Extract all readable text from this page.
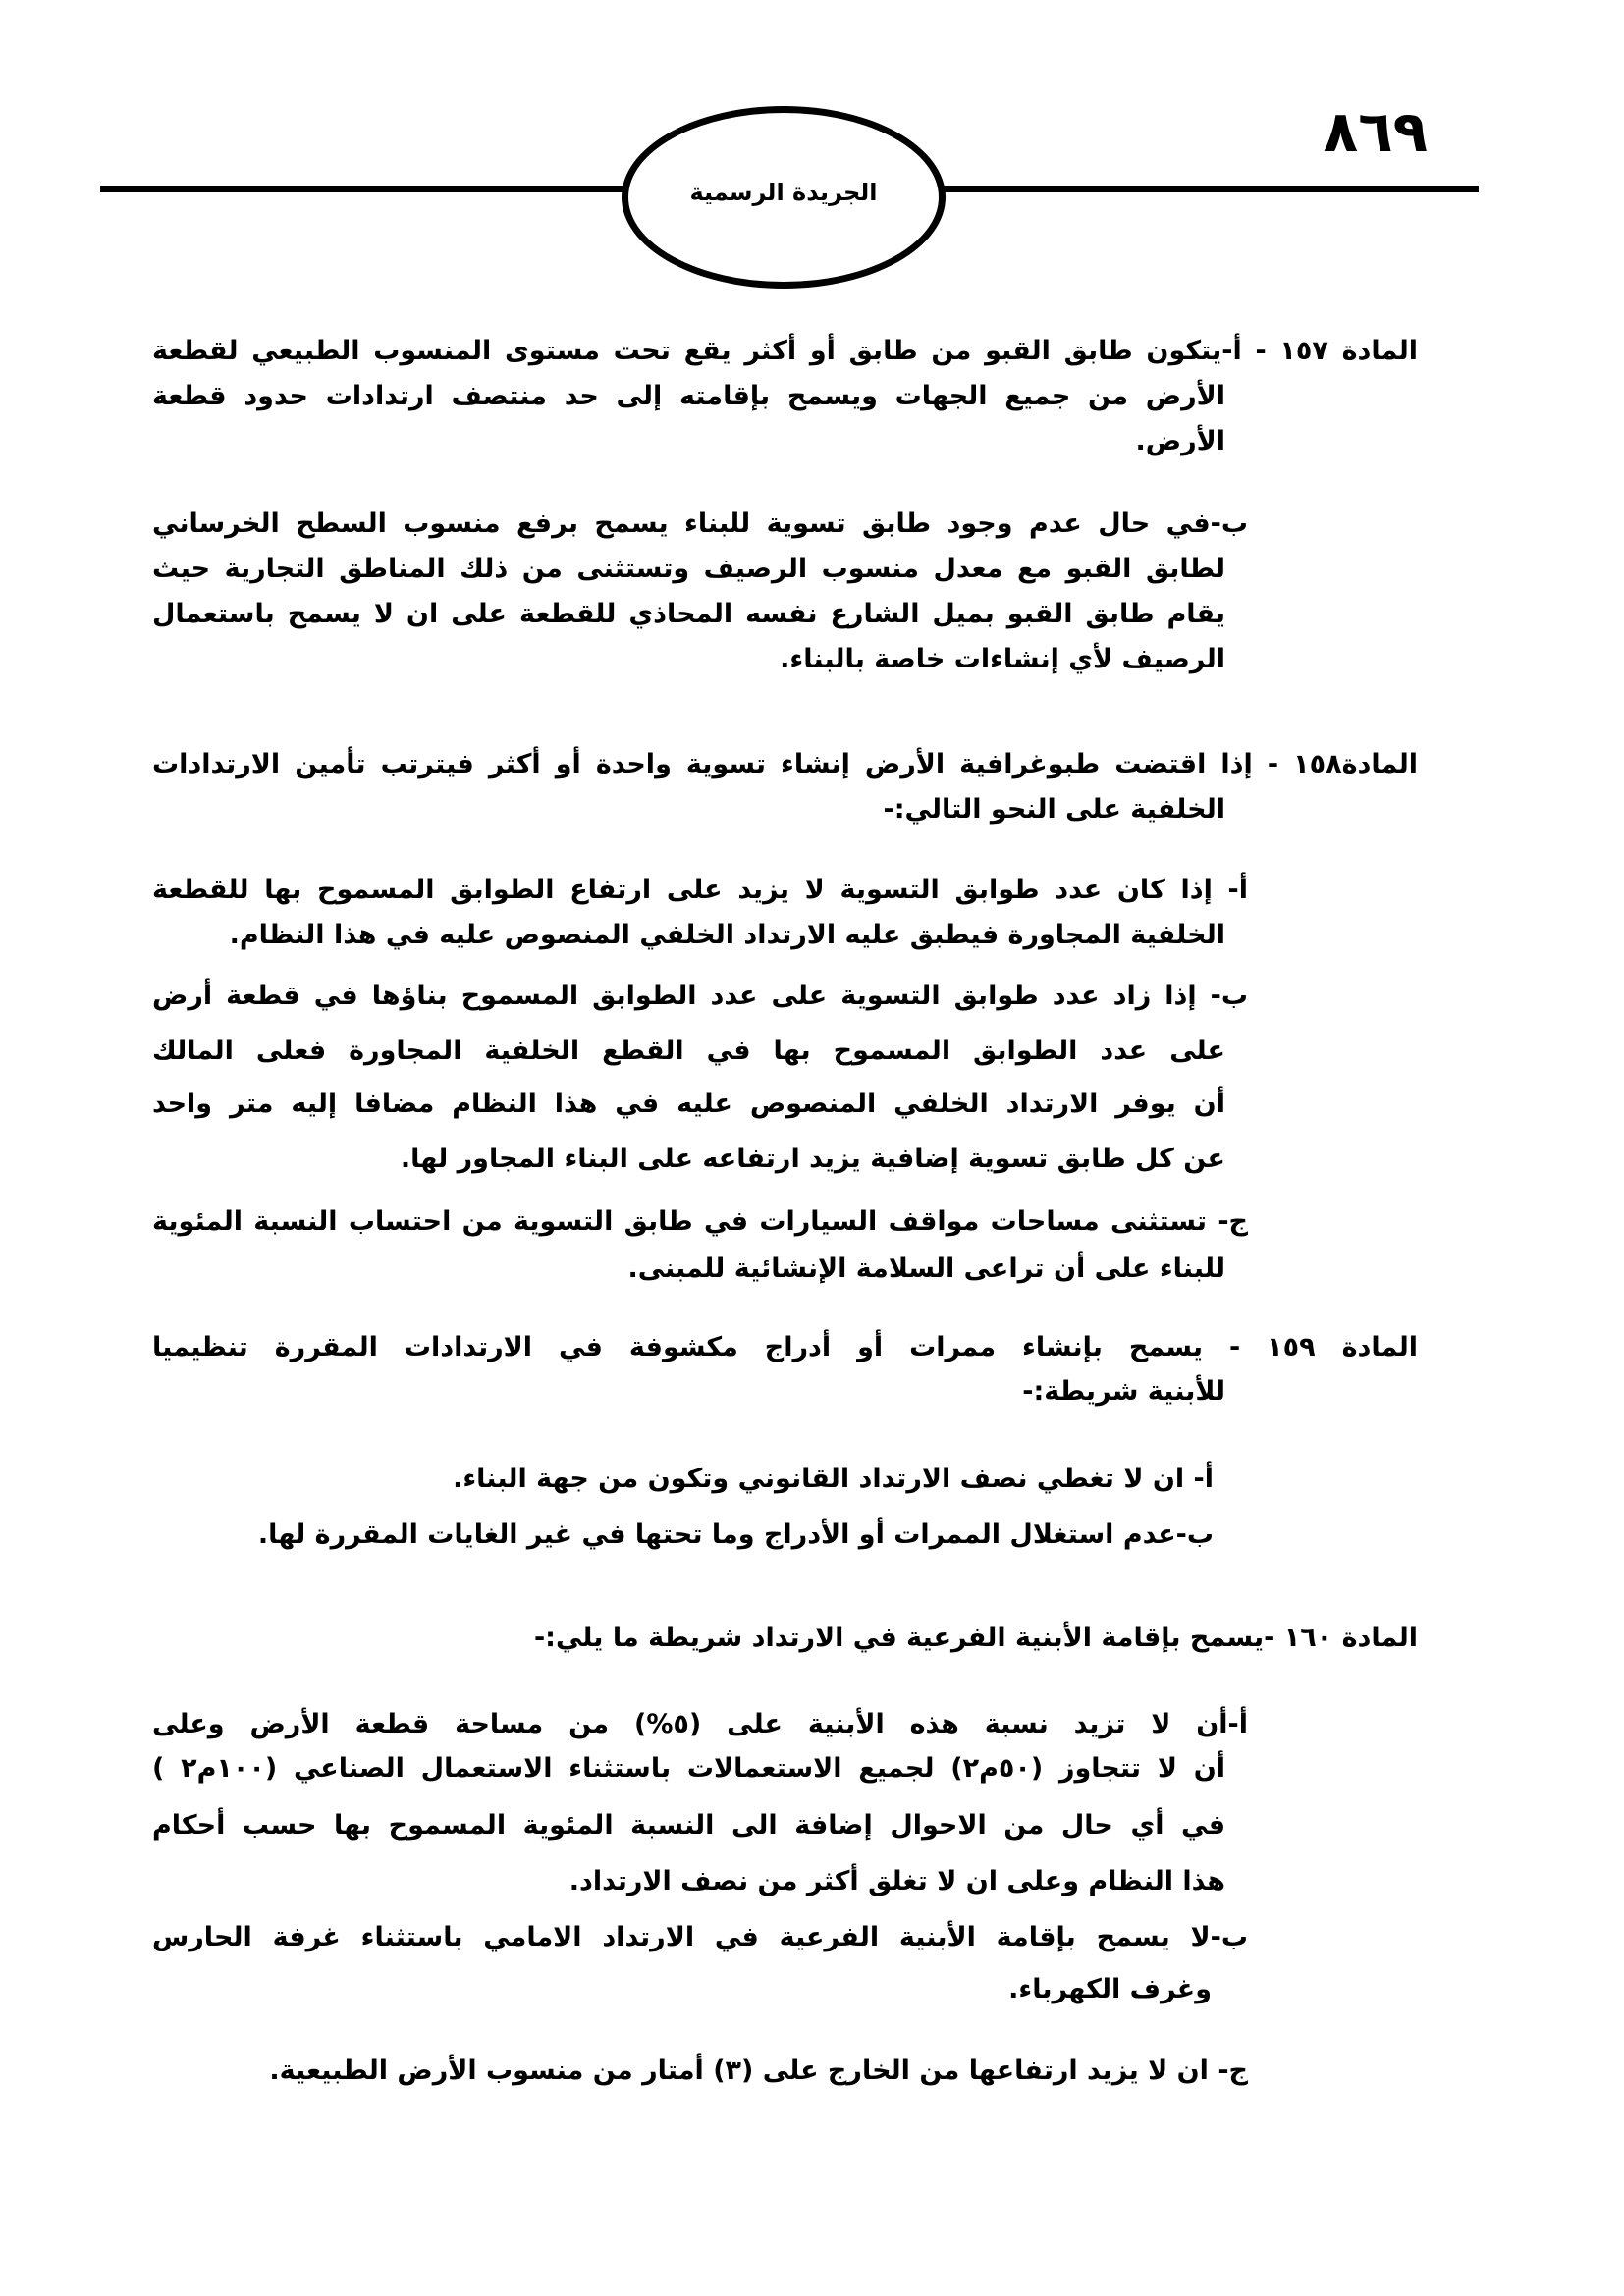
٨٦٩
الجريدة الرسمية
المادة ١٥٧ - أ-يتكون طابق القبو من طابق أو أكثر يقع تحت مستوى المنسوب الطبيعي لقطعة
الأرض من جميع الجهات ويسمح بإقامته إلى حد منتصف ارتدادات حدود قطعة
الأرض.
ب-في حال عدم وجود طابق تسوية للبناء يسمح برفع منسوب السطح الخرساني
لطابق القبو مع معدل منسوب الرصيف وتستثنى من ذلك المناطق التجارية حيث
يقام طابق القبو بميل الشارع نفسه المحاذي للقطعة على ان لا يسمح باستعمال
الرصيف لأي إنشاءات خاصة بالبناء.
المادة١٥٨ - إذا اقتضت طبوغرافية الأرض إنشاء تسوية واحدة أو أكثر فيترتب تأمين الارتدادات
الخلفية على النحو التالي:-
أ- إذا كان عدد طوابق التسوية لا يزيد على ارتفاع الطوابق المسموح بها للقطعة
الخلفية المجاورة فيطبق عليه الارتداد الخلفي المنصوص عليه في هذا النظام.
ب- إذا زاد عدد طوابق التسوية على عدد الطوابق المسموح بناؤها في قطعة أرض
على عدد الطوابق المسموح بها في القطع الخلفية المجاورة فعلى المالك
أن يوفر الارتداد الخلفي المنصوص عليه في هذا النظام مضافا إليه متر واحد
عن كل طابق تسوية إضافية يزيد ارتفاعه على البناء المجاور لها.
ج- تستثنى مساحات مواقف السيارات في طابق التسوية من احتساب النسبة المئوية
للبناء على أن تراعى السلامة الإنشائية للمبنى.
المادة ١٥٩ - يسمح بإنشاء ممرات أو أدراج مكشوفة في الارتدادات المقررة تنظيميا
للأبنية شريطة:-
أ- ان لا تغطي نصف الارتداد القانوني وتكون من جهة البناء.
ب-عدم استغلال الممرات أو الأدراج وما تحتها في غير الغايات المقررة لها.
المادة ١٦٠ -يسمح بإقامة الأبنية الفرعية في الارتداد شريطة ما يلي:-
أ-أن لا تزيد نسبة هذه الأبنية على (٥%) من مساحة قطعة الأرض وعلى
أن لا تتجاوز (٥٠م٢) لجميع الاستعمالات باستثناء الاستعمال الصناعي (١٠٠م٢ )
في أي حال من الاحوال إضافة الى النسبة المئوية المسموح بها حسب أحكام
هذا النظام وعلى ان لا تغلق أكثر من نصف الارتداد.
ب-لا يسمح بإقامة الأبنية الفرعية في الارتداد الامامي باستثناء غرفة الحارس
وغرف الكهرباء.
ج- ان لا يزيد ارتفاعها من الخارج على (٣) أمتار من منسوب الأرض الطبيعية.
